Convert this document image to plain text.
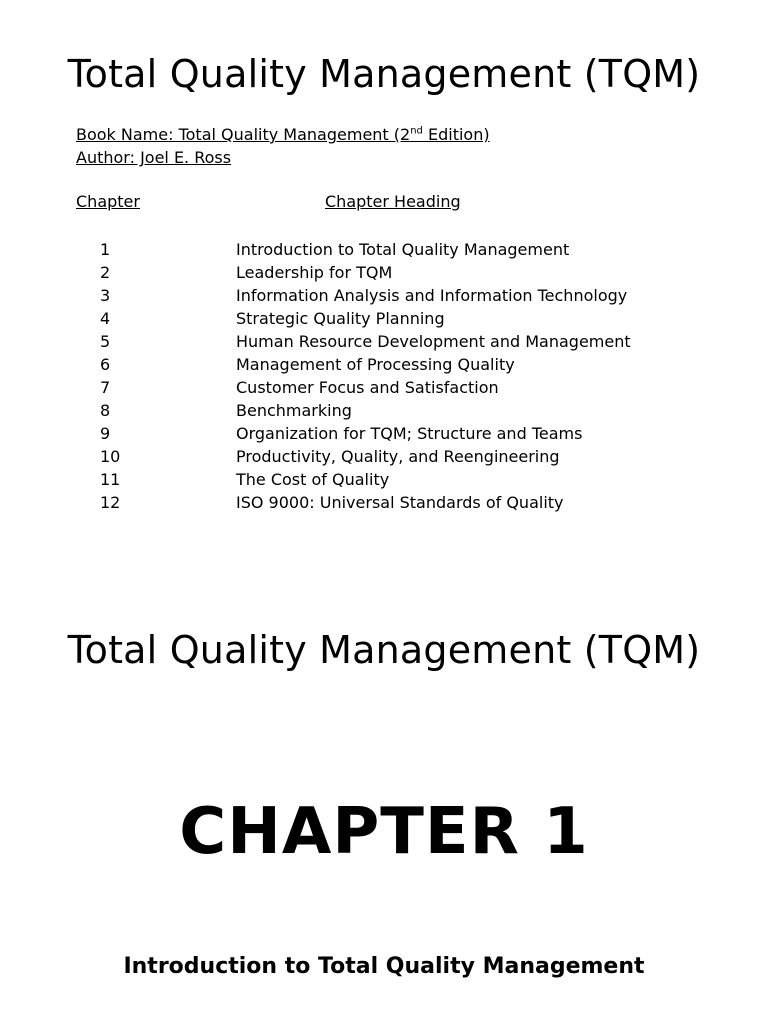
Total Quality Management (TQM)
Book Name: Total Quality Management (2nd Edition)
Author: Joel E. Ross
Chapter	Chapter Heading
1	Introduction to Total Quality Management
2	Leadership for TQM
3	Information Analysis and Information Technology
4	Strategic Quality Planning
5	Human Resource Development and Management
6	Management of Processing Quality
7	Customer Focus and Satisfaction
8	Benchmarking
9	Organization for TQM; Structure and Teams
10	Productivity, Quality, and Reengineering
11	The Cost of Quality
12	ISO 9000: Universal Standards of Quality
Total Quality Management (TQM)
CHAPTER 1
Introduction to Total Quality Management
